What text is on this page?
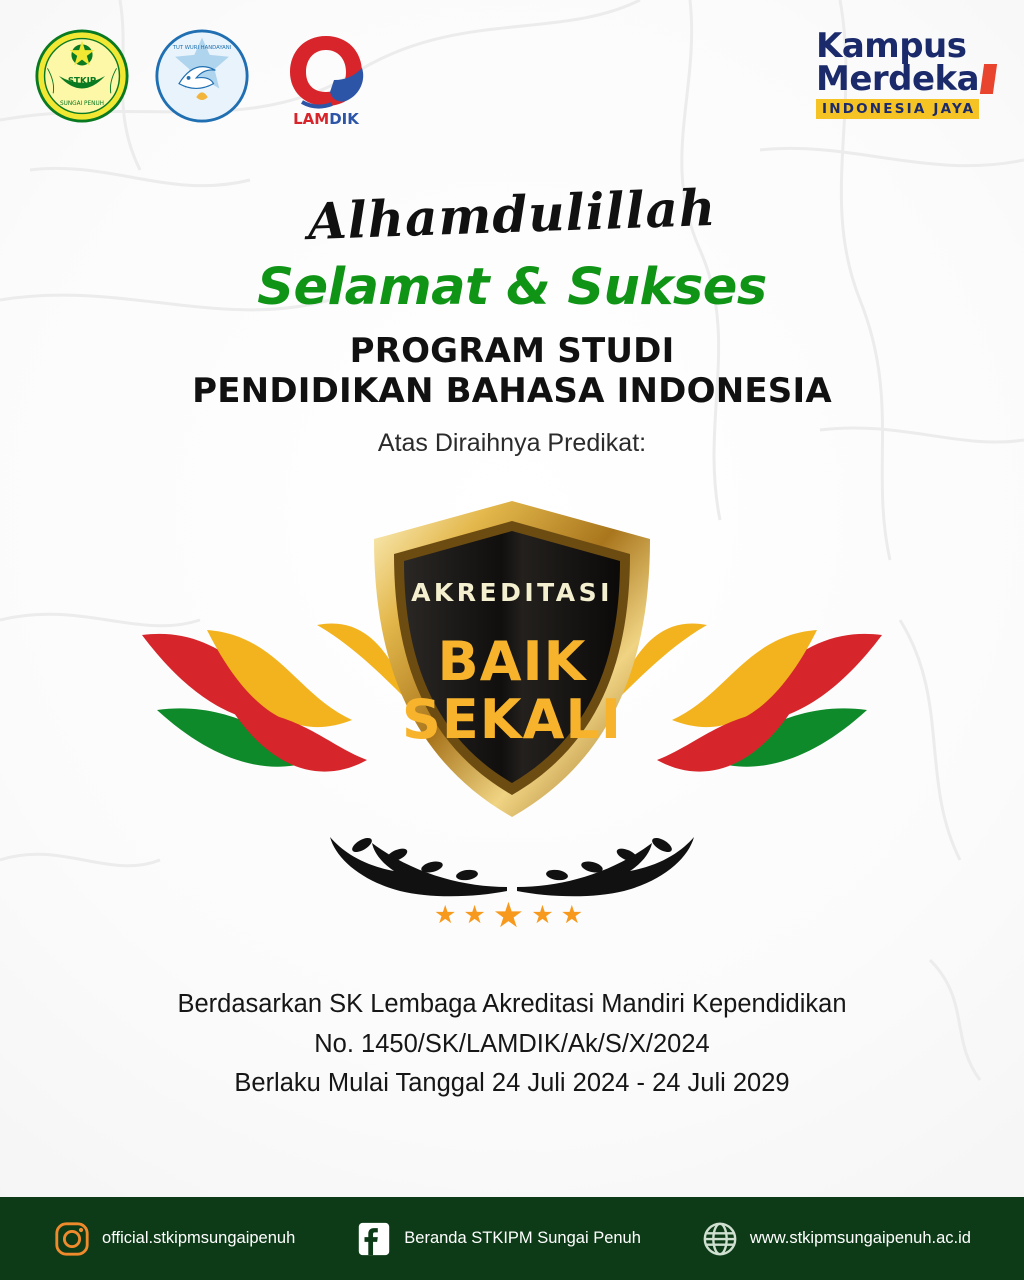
STKIP
SUNGAI PENUH
TUT WURI HANDAYANI
LAMDIK
Kampus
Merdeka
INDONESIA JAYA
Alhamdulillah
Selamat & Sukses
PROGRAM STUDI
PENDIDIKAN BAHASA INDONESIA
Atas Diraihnya Predikat:
AKREDITASI
BAIK
SEKALI
★★★★★
Berdasarkan SK Lembaga Akreditasi Mandiri Kependidikan
No. 1450/SK/LAMDIK/Ak/S/X/2024
Berlaku Mulai Tanggal 24 Juli 2024 - 24 Juli 2029
official.stkipmsungaipenuh	Beranda STKIPM Sungai Penuh	www.stkipmsungaipenuh.ac.id
